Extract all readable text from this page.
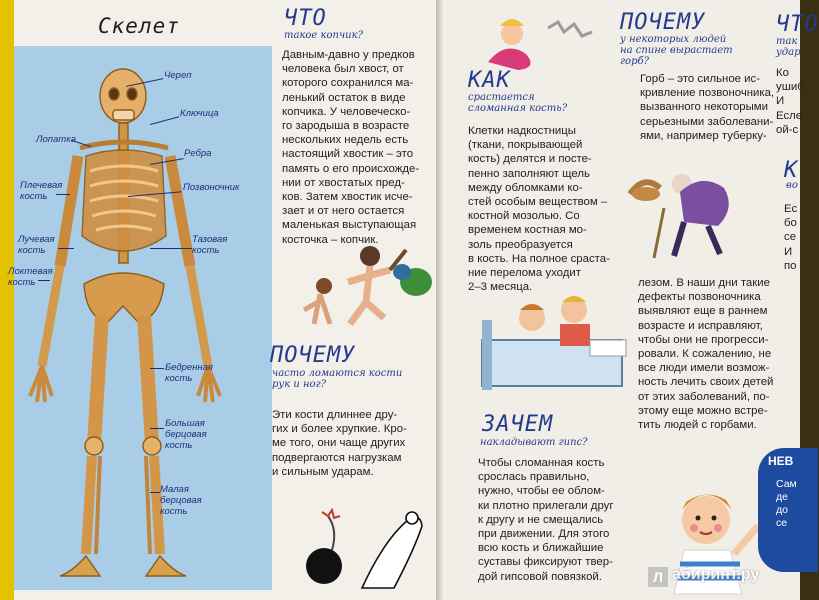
Скелет
Череп
Ключица
Лопатка
Ребра
Плечевая
кость
Позвоночник
Лучевая
кость
Тазовая
кость
Локтевая
кость
Бедренная
кость
Большая
берцовая
кость
Малая
берцовая
кость
ЧТО
такое копчик?

Давным-давно у предков
человека был хвост, от
которого сохранился ма-
ленький остаток в виде
копчика. У человеческо-
го зародыша в возрасте
нескольких недель есть
настоящий хвостик – это
память о его происхожде-
нии от хвостатых пред-
ков. Затем хвостик исче-
зает и от него остается
маленькая выступающая
косточка – копчик.

ПОЧЕМУ
часто ломаются кости
рук и ног?

Эти кости длиннее дру-
гих и более хрупкие. Кро-
ме того, они чаще других
подвергаются нагрузкам
и сильным ударам.

КАК
срастается
сломанная кость?

Клетки надкостницы
(ткани, покрывающей
кость) делятся и посте-
пенно заполняют щель
между обломками ко-
стей особым веществом –
костной мозолью. Со
временем костная мо-
золь преобразуется
в кость. На полное сраста-
ние перелома уходит
2–3 месяца.

ПОЧЕМУ
у некоторых людей
на спине вырастает
горб?

Горб – это сильное ис-
кривление позвоночника,
вызванного некоторыми
серьезными заболевани-
ями, например туберку-

лезом. В наши дни такие
дефекты позвоночника
выявляют еще в раннем
возрасте и исправляют,
чтобы они не прогресси-
ровали. К сожалению, не
все люди имели возмож-
ность лечить своих детей
от этих заболеваний, по-
этому еще можно встре-
тить людей с горбами.

ЗАЧЕМ
накладывают гипс?

Чтобы сломанная кость
срослась правильно,
нужно, чтобы ее облом-
ки плотно прилегали друг
к другу и не смещались
при движении. Для этого
всю кость и ближайшие
суставы фиксируют твер-
дой гипсовой повязкой.

ЧТО
так
удар
Ко
ушиб
И
Есле
ой-с
К
во
Ес
бо
се
И
по
НЕВ
Сам
де
до
се
Л абиринт.ру
